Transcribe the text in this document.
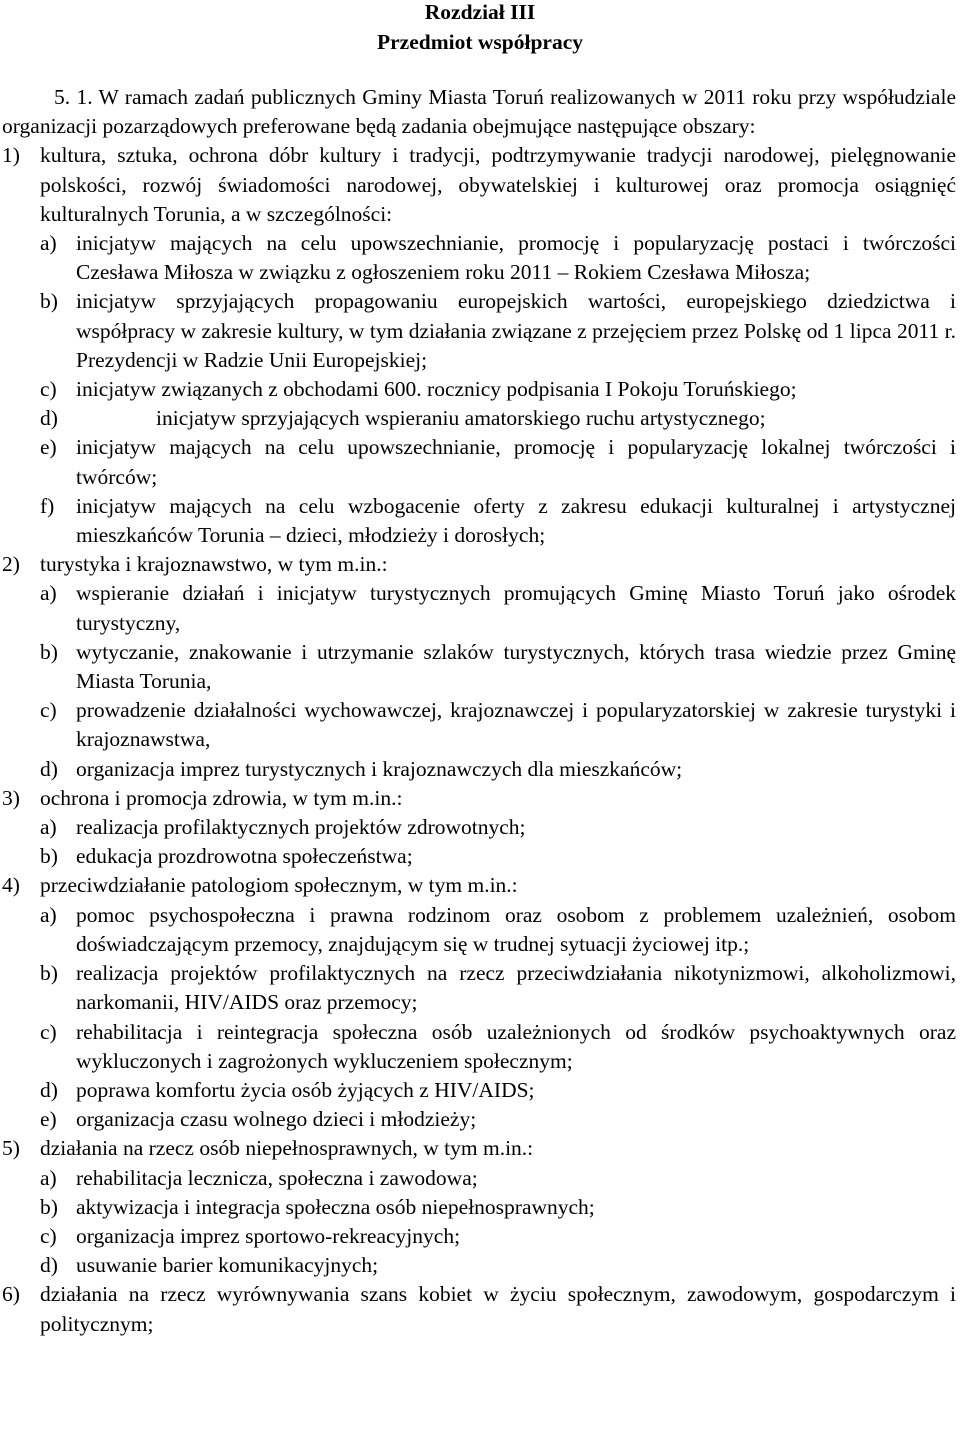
Rozdział III
Przedmiot współpracy
5. 1. W ramach zadań publicznych Gminy Miasta Toruń realizowanych w 2011 roku przy współudziale organizacji pozarządowych preferowane będą zadania obejmujące następujące obszary:
1) kultura, sztuka, ochrona dóbr kultury i tradycji, podtrzymywanie tradycji narodowej, pielęgnowanie polskości, rozwój świadomości narodowej, obywatelskiej i kulturowej oraz promocja osiągnięć kulturalnych Torunia, a w szczególności:
a) inicjatyw mających na celu upowszechnianie, promocję i popularyzację postaci i twórczości Czesława Miłosza w związku z ogłoszeniem roku 2011 – Rokiem Czesława Miłosza;
b) inicjatyw sprzyjających propagowaniu europejskich wartości, europejskiego dziedzictwa i współpracy w zakresie kultury, w tym działania związane z przejęciem przez Polskę od 1 lipca 2011 r. Prezydencji w Radzie Unii Europejskiej;
c) inicjatyw związanych z obchodami 600. rocznicy podpisania I Pokoju Toruńskiego;
d)	inicjatyw sprzyjających wspieraniu amatorskiego ruchu artystycznego;
e) inicjatyw mających na celu upowszechnianie, promocję i popularyzację lokalnej twórczości i twórców;
f)	inicjatyw mających na celu wzbogacenie oferty z zakresu edukacji kulturalnej i artystycznej mieszkańców Torunia – dzieci, młodzieży i dorosłych;
2) turystyka i krajoznawstwo, w tym m.in.:
a) wspieranie działań i inicjatyw turystycznych promujących Gminę Miasto Toruń jako ośrodek turystyczny,
b) wytyczanie, znakowanie i utrzymanie szlaków turystycznych, których trasa wiedzie przez Gminę Miasta Torunia,
c) prowadzenie działalności wychowawczej, krajoznawczej i popularyzatorskiej w zakresie turystyki i krajoznawstwa,
d) organizacja imprez turystycznych i krajoznawczych dla mieszkańców;
3) ochrona i promocja zdrowia, w tym m.in.:
a) realizacja profilaktycznych projektów zdrowotnych;
b) edukacja prozdrowotna społeczeństwa;
4) przeciwdziałanie patologiom społecznym, w tym m.in.:
a) pomoc psychospołeczna i prawna rodzinom oraz osobom z problemem uzależnień, osobom doświadczającym przemocy, znajdującym się w trudnej sytuacji życiowej itp.;
b) realizacja projektów profilaktycznych na rzecz przeciwdziałania nikotynizmowi, alkoholizmowi, narkomanii, HIV/AIDS oraz przemocy;
c) rehabilitacja i reintegracja społeczna osób uzależnionych od środków psychoaktywnych oraz wykluczonych i zagrożonych wykluczeniem społecznym;
d) poprawa komfortu życia osób żyjących z HIV/AIDS;
e) organizacja czasu wolnego dzieci i młodzieży;
5) działania na rzecz osób niepełnosprawnych, w tym m.in.:
a) rehabilitacja lecznicza, społeczna i zawodowa;
b) aktywizacja i integracja społeczna osób niepełnosprawnych;
c) organizacja imprez sportowo-rekreacyjnych;
d) usuwanie barier komunikacyjnych;
6) działania na rzecz wyrównywania szans kobiet w życiu społecznym, zawodowym, gospodarczym i politycznym;
